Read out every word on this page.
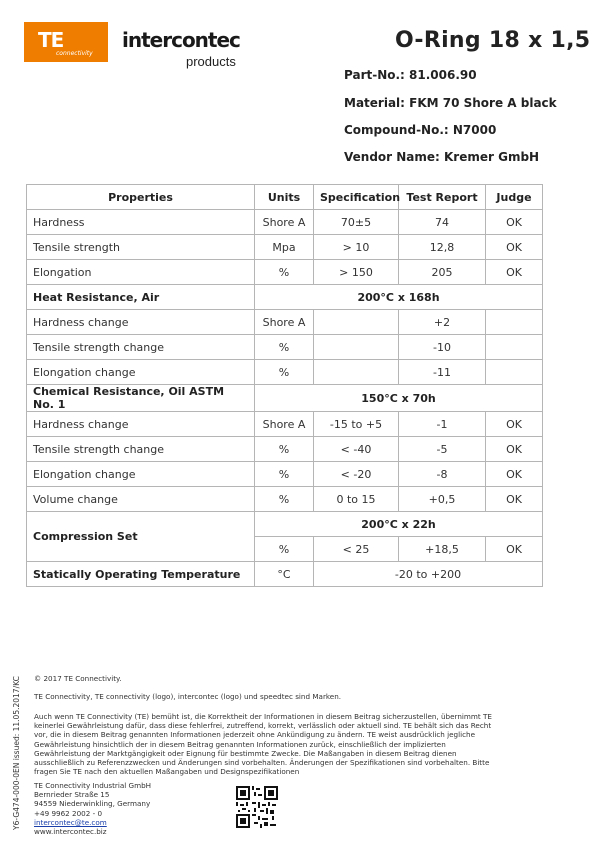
TE
connectivity
intercontec
products
O-Ring 18 x 1,5
Part-No.: 81.006.90
Material: FKM 70 Shore A black
Compound-No.: N7000
Vendor Name: Kremer GmbH
Properties	Units	Specification	Test Report	Judge
Hardness	Shore A	70±5	74	OK
Tensile strength	Mpa	> 10	12,8	OK
Elongation	%	> 150	205	OK
Heat Resistance, Air	200°C x 168h			
Hardness change	Shore A		+2	
Tensile strength change	%		-10	
Elongation change	%		-11	
Chemical Resistance, Oil ASTM No. 1	150°C x 70h			
Hardness change	Shore A	-15 to +5	-1	OK
Tensile strength change	%	< -40	-5	OK
Elongation change	%	< -20	-8	OK
Volume change	%	0 to 15	+0,5	OK
Compression Set	200°C x 22h			
	%	< 25	+18,5	OK
Statically Operating Temperature	°C	-20 to +200		
Y6-G474-000-0EN issued: 11.05.2017/KC © 2017 TE Connectivity.
TE Connectivity, TE connectivity (logo), intercontec (logo) und speedtec sind Marken.
Auch wenn TE Connectivity (TE) bemüht ist, die Korrektheit der Informationen in diesem Beitrag sicherzustellen, übernimmt TE keinerlei Gewährleistung dafür, dass diese fehlerfrei, zutreffend, korrekt, verlässlich oder aktuell sind. TE behält sich das Recht vor, die in diesem Beitrag genannten Informationen jederzeit ohne Ankündigung zu ändern. TE weist ausdrücklich jegliche Gewährleistung hinsichtlich der in diesem Beitrag genannten Informationen zurück, einschließlich der implizierten Gewährleistung der Marktgängigkeit oder Eignung für bestimmte Zwecke. Die Maßangaben in diesem Beitrag dienen ausschließlich zu Referenzzwecken und Änderungen sind vorbehalten. Änderungen der Spezifikationen sind vorbehalten. Bitte fragen Sie TE nach den aktuellen Maßangaben und Designspezifikationen
TE Connectivity Industrial GmbH
Bernrieder Straße 15
94559 Niederwinkling, Germany
+49 9962 2002 - 0
intercontec@te.com
www.intercontec.biz
